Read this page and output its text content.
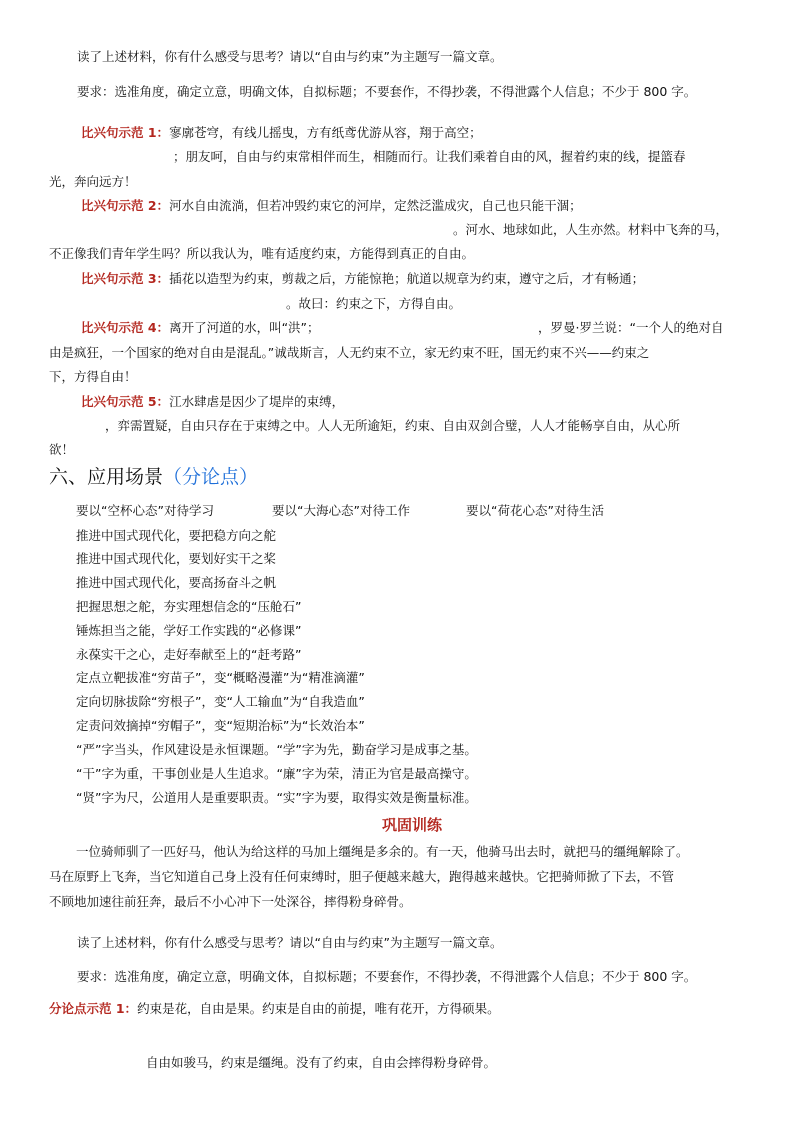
读了上述材料，你有什么感受与思考？请以“自由与约束”为主题写一篇文章。
要求：选准角度，确定立意，明确文体，自拟标题；不要套作，不得抄袭，不得泄露个人信息；不少于 800 字。
比兴句示范 1：寥廓苍穹，有线儿摇曳，方有纸鸢优游从容，翔于高空；
；朋友呵，自由与约束常相伴而生，相随而行。让我们乘着自由的风，握着约束的线，提篮春
光，奔向远方！
比兴句示范 2：河水自由流淌，但若冲毁约束它的河岸，定然泛滥成灾，自己也只能干涸；
。河水、地球如此，人生亦然。材料中飞奔的马，
不正像我们青年学生吗？所以我认为，唯有适度约束，方能得到真正的自由。
比兴句示范 3：插花以造型为约束，剪裁之后，方能惊艳；航道以规章为约束，遵守之后，才有畅通；
。故曰：约束之下，方得自由。
比兴句示范 4：离开了河道的水，叫“洪”；	，罗曼·罗兰说：“一个人的绝对自
由是疯狂，一个国家的绝对自由是混乱。”诚哉斯言，人无约束不立，家无约束不旺，国无约束不兴——约束之
下，方得自由！
比兴句示范 5：江水肆虐是因少了堤岸的束缚，
，弈需置疑，自由只存在于束缚之中。人人无所逾矩，约束、自由双剑合璧，人人才能畅享自由，从心所
欲！
六、应用场景（分论点）
要以“空杯心态”对待学习	要以“大海心态”对待工作	要以“荷花心态”对待生活
推进中国式现代化，要把稳方向之舵
推进中国式现代化，要划好实干之桨
推进中国式现代化，要高扬奋斗之帆
把握思想之舵，夯实理想信念的“压舱石”
锤炼担当之能，学好工作实践的“必修课”
永葆实干之心，走好奉献至上的“赶考路”
定点立靶拔准“穷苗子”，变“概略漫灌”为“精准滴灌”
定向切脉拔除“穷根子”，变“人工输血”为“自我造血”
定责问效摘掉“穷帽子”，变“短期治标”为“长效治本”
“严”字当头，作风建设是永恒课题。“学”字为先，勤奋学习是成事之基。
“干”字为重，干事创业是人生追求。“廉”字为荣，清正为官是最高操守。
“贤”字为尺，公道用人是重要职责。“实”字为要，取得实效是衡量标准。
巩固训练
一位骑师驯了一匹好马，他认为给这样的马加上缰绳是多余的。有一天，他骑马出去时，就把马的缰绳解除了。
马在原野上飞奔，当它知道自己身上没有任何束缚时，胆子便越来越大，跑得越来越快。它把骑师掀了下去，不管
不顾地加速往前狂奔，最后不小心冲下一处深谷，摔得粉身碎骨。
读了上述材料，你有什么感受与思考？请以“自由与约束”为主题写一篇文章。
要求：选准角度，确定立意，明确文体，自拟标题；不要套作，不得抄袭，不得泄露个人信息；不少于 800 字。
分论点示范 1：约束是花，自由是果。约束是自由的前提，唯有花开，方得硕果。
自由如骏马，约束是缰绳。没有了约束，自由会摔得粉身碎骨。
